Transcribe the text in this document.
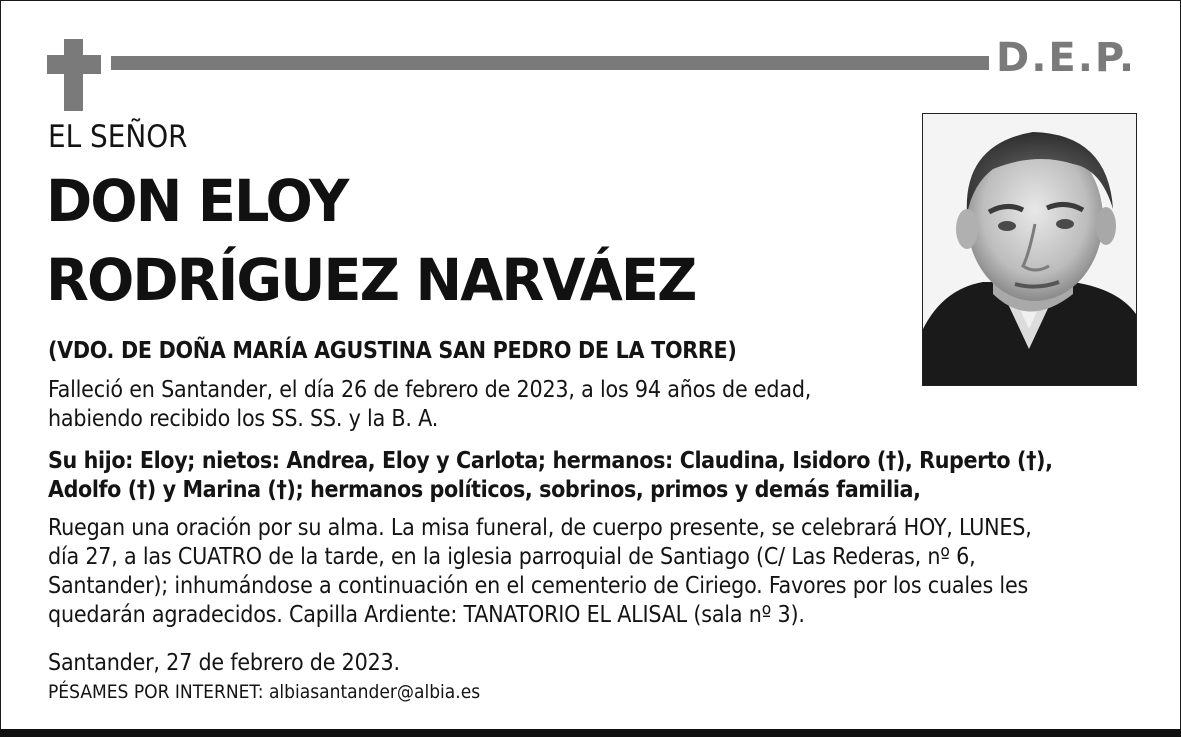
D.E.P.
EL SEÑOR
DON ELOY
RODRÍGUEZ NARVÁEZ
(VDO. DE DOÑA MARÍA AGUSTINA SAN PEDRO DE LA TORRE)
Falleció en Santander, el día 26 de febrero de 2023, a los 94 años de edad,
habiendo recibido los SS. SS. y la B. A.
Su hijo: Eloy; nietos: Andrea, Eloy y Carlota; hermanos: Claudina, Isidoro (†), Ruperto (†),
Adolfo (†) y Marina (†); hermanos políticos, sobrinos, primos y demás familia,
Ruegan una oración por su alma. La misa funeral, de cuerpo presente, se celebrará HOY, LUNES,
día 27, a las CUATRO de la tarde, en la iglesia parroquial de Santiago (C/ Las Rederas, nº 6,
Santander); inhumándose a continuación en el cementerio de Ciriego. Favores por los cuales les
quedarán agradecidos. Capilla Ardiente: TANATORIO EL ALISAL (sala nº 3).
Santander, 27 de febrero de 2023.
PÉSAMES POR INTERNET: albiasantander@albia.es
